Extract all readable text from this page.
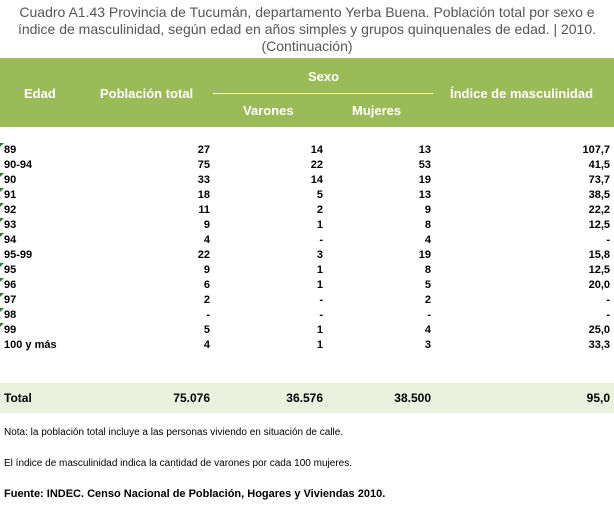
Cuadro A1.43 Provincia de Tucumán, departamento Yerba Buena. Población total por sexo e
índice de masculinidad, según edad en años simples y grupos quinquenales de edad. | 2010.
(Continuación)
Edad	Población total
Sexo
Varones	Mujeres
Índice de masculinidad
89	27	14	13	107,7
90-94	75	22	53	41,5
90	33	14	19	73,7
91	18	5	13	38,5
92	11	2	9	22,2
93	9	1	8	12,5
94	4	-	4	-
95-99	22	3	19	15,8
95	9	1	8	12,5
96	6	1	5	20,0
97	2	-	2	-
98	-	-	-	-
99	5	1	4	25,0
100 y más	4	1	3	33,3
Total	75.076	36.576	38.500	95,0
Nota: la población total incluye a las personas viviendo en situación de calle.
El índice de masculinidad indica la cantidad de varones por cada 100 mujeres.
Fuente: INDEC. Censo Nacional de Población, Hogares y Viviendas 2010.
